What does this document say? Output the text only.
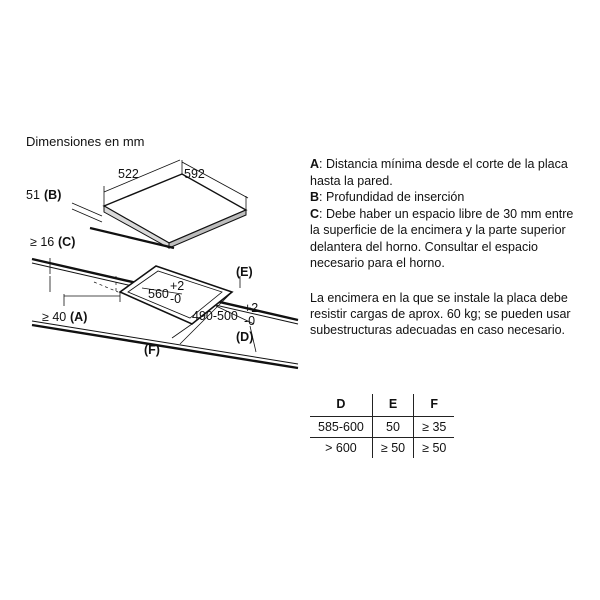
Dimensiones en mm
522	592
51 (B)
≥ 16 (C)
≥ 40 (A)
560
+2
-0
490-500
+2
-0
(E)
(D)
(F)
A: Distancia mínima desde el corte de la placa hasta la pared.
B: Profundidad de inserción
C: Debe haber un espacio libre de 30 mm entre la superficie de la encimera y la parte superior delantera del horno. Consultar el espacio necesario para el horno.
La encimera en la que se instale la placa debe resistir cargas de aprox. 60 kg; se pueden usar subestructuras adecuadas en caso necesario.
D	E	F
585-600	50	≥ 35
> 600	≥ 50	≥ 50
